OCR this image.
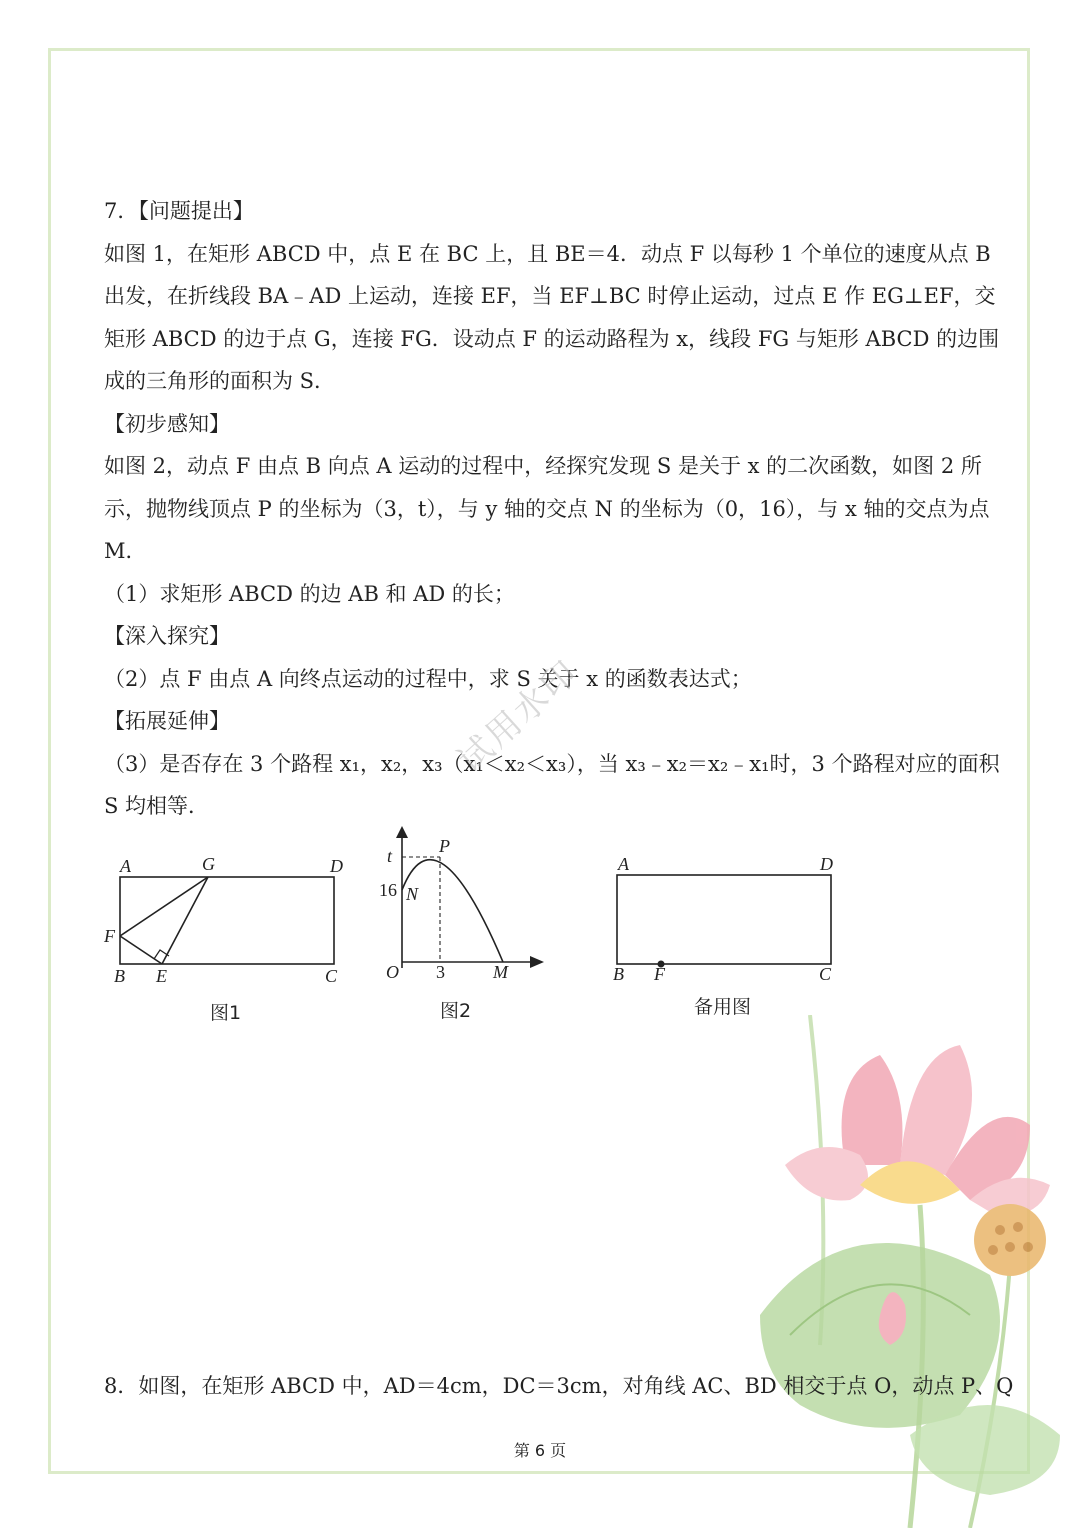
7．【问题提出】

如图 1，在矩形 ABCD 中，点 E 在 BC 上，且 BE＝4．动点 F 以每秒 1 个单位的速度从点 B

出发，在折线段 BA﹣AD 上运动，连接 EF，当 EF⊥BC 时停止运动，过点 E 作 EG⊥EF，交

矩形 ABCD 的边于点 G，连接 FG．设动点 F 的运动路程为 x，线段 FG 与矩形 ABCD 的边围

成的三角形的面积为 S．

【初步感知】

如图 2，动点 F 由点 B 向点 A 运动的过程中，经探究发现 S 是关于 x 的二次函数，如图 2 所

示，抛物线顶点 P 的坐标为（3，t），与 y 轴的交点 N 的坐标为（0，16），与 x 轴的交点为点

M．

（1）求矩形 ABCD 的边 AB 和 AD 的长；

【深入探究】

（2）点 F 由点 A 向终点运动的过程中，求 S 关于 x 的函数表达式；

【拓展延伸】

（3）是否存在 3 个路程 x₁，x₂，x₃（x₁＜x₂＜x₃），当 x₃﹣x₂＝x₂﹣x₁时，3 个路程对应的面积

S 均相等．

试用水印
A	G	D
F
B E	C
t	P
16 N
O 3	M
A	D
B F	C
图1	图2	备用图
8．如图，在矩形 ABCD 中，AD＝4cm，DC＝3cm，对角线 AC、BD 相交于点 O，动点 P、Q
第 6 页
